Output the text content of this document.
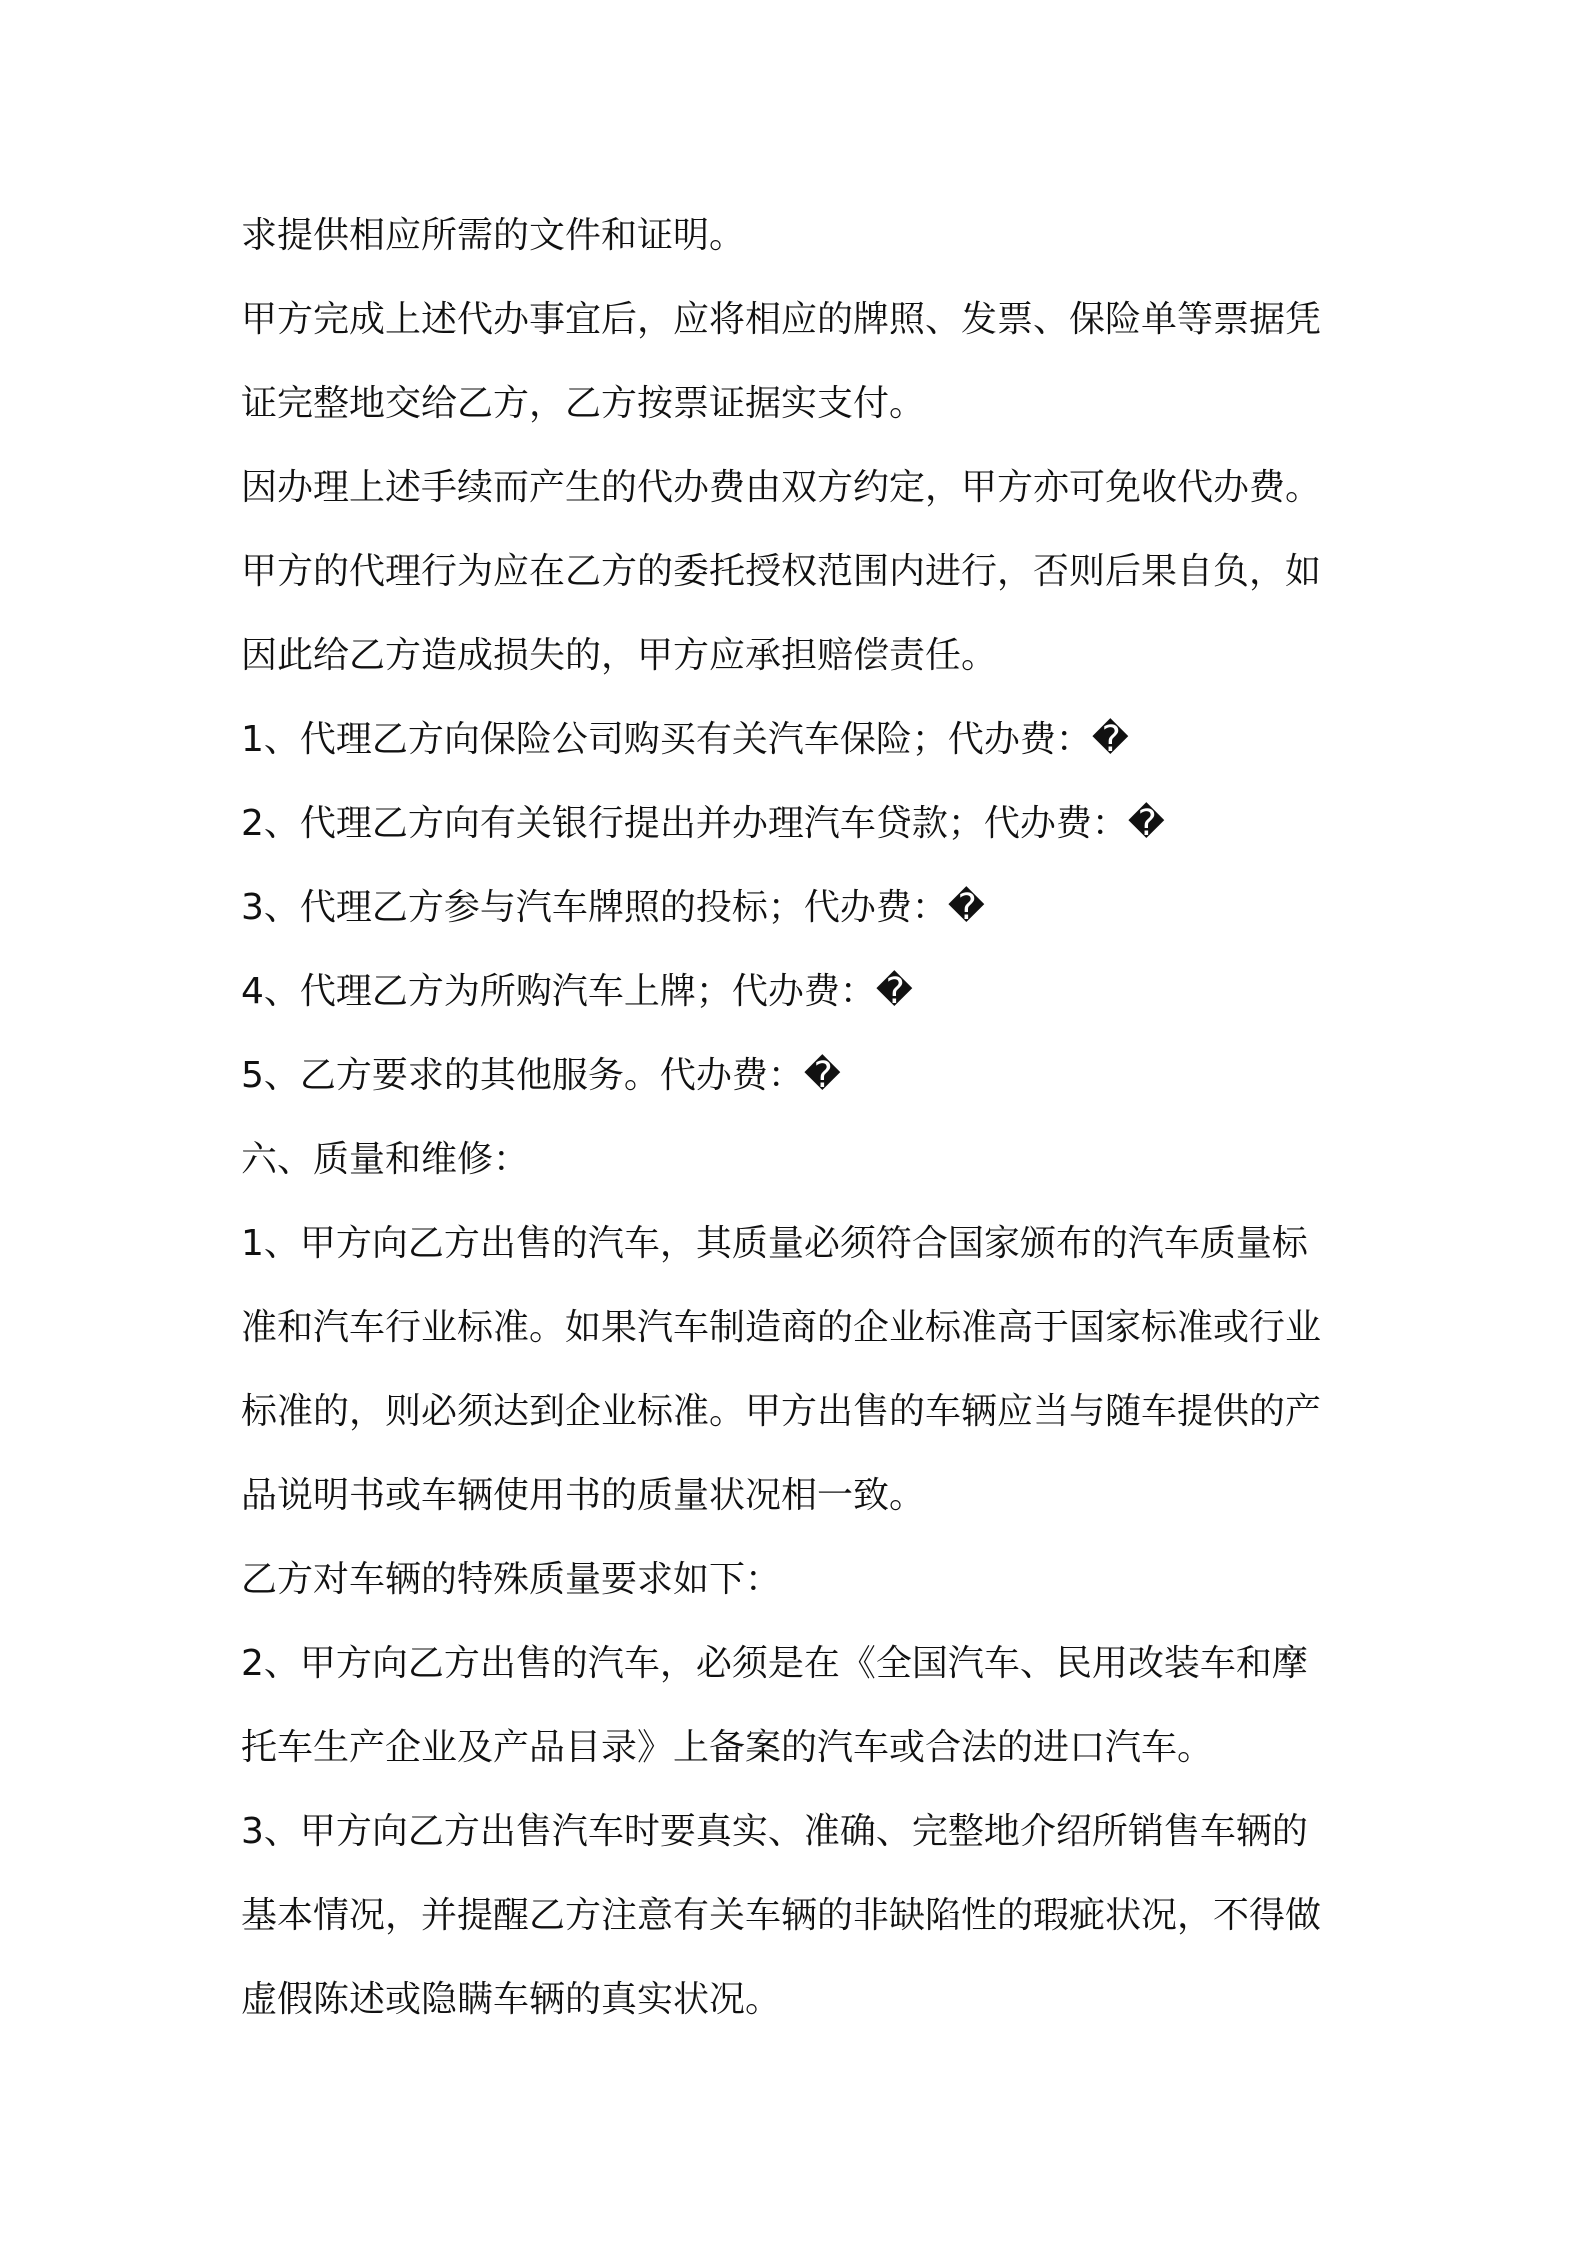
求提供相应所需的文件和证明。
甲方完成上述代办事宜后，应将相应的牌照、发票、保险单等票据凭
证完整地交给乙方，乙方按票证据实支付。
因办理上述手续而产生的代办费由双方约定，甲方亦可免收代办费。
甲方的代理行为应在乙方的委托授权范围内进行，否则后果自负，如
因此给乙方造成损失的，甲方应承担赔偿责任。
1、代理乙方向保险公司购买有关汽车保险；代办费：�
2、代理乙方向有关银行提出并办理汽车贷款；代办费：�
3、代理乙方参与汽车牌照的投标；代办费：�
4、代理乙方为所购汽车上牌；代办费：�
5、乙方要求的其他服务。代办费：�
六、质量和维修：
1、甲方向乙方出售的汽车，其质量必须符合国家颁布的汽车质量标
准和汽车行业标准。如果汽车制造商的企业标准高于国家标准或行业
标准的，则必须达到企业标准。甲方出售的车辆应当与随车提供的产
品说明书或车辆使用书的质量状况相一致。
乙方对车辆的特殊质量要求如下：
2、甲方向乙方出售的汽车，必须是在《全国汽车、民用改装车和摩
托车生产企业及产品目录》上备案的汽车或合法的进口汽车。
3、甲方向乙方出售汽车时要真实、准确、完整地介绍所销售车辆的
基本情况，并提醒乙方注意有关车辆的非缺陷性的瑕疵状况，不得做
虚假陈述或隐瞒车辆的真实状况。
